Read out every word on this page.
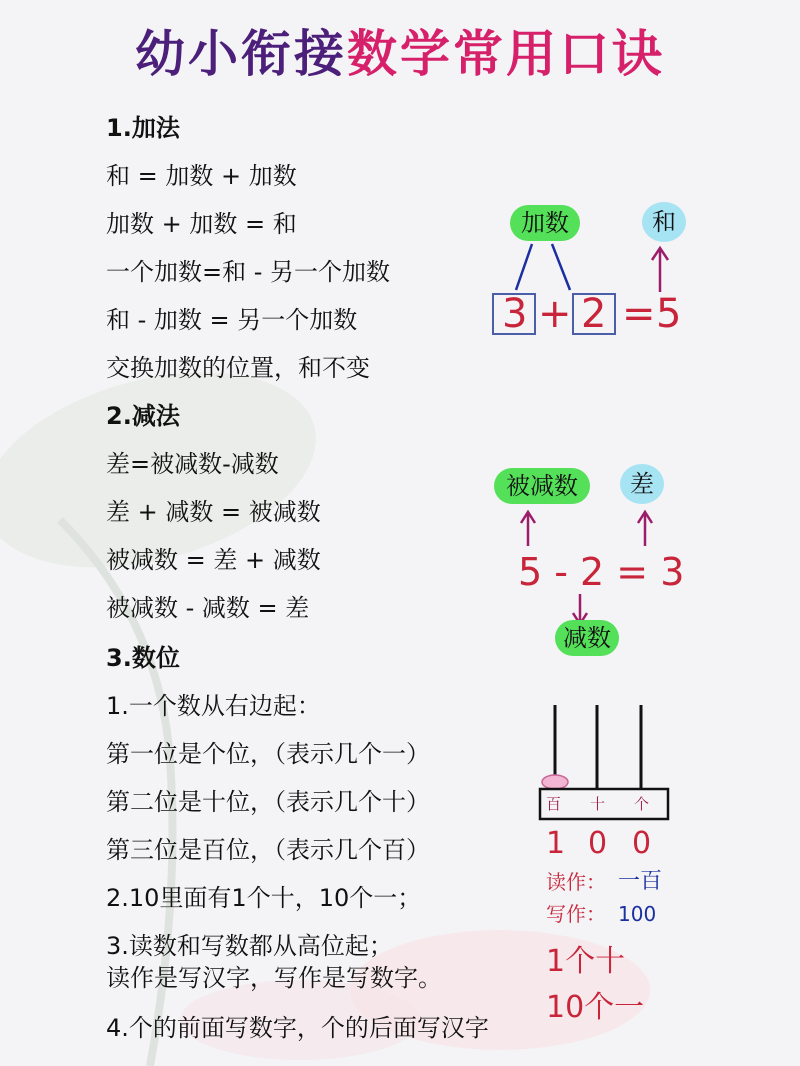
幼小衔接数学常用口诀
1.加法
和 = 加数 + 加数
加数 + 加数 = 和
一个加数=和 - 另一个加数
和 - 加数 = 另一个加数
交换加数的位置，和不变
加数	和
3 + 2 = 5
2.减法
差=被减数-减数
差 + 减数 = 被减数
被减数 = 差 + 减数
被减数 - 减数 = 差
被减数	差
5 - 2 = 3
减数
3.数位
1.一个数从右边起：
第一位是个位，（表示几个一）
第二位是十位，（表示几个十）
第三位是百位，（表示几个百）
2.10里面有1个十，10个一；
3.读数和写数都从高位起；
读作是写汉字，写作是写数字。
4.个的前面写数字，个的后面写汉字
百 十 个
1 0 0
读作： 一百
写作： 100
1个十
10个一
